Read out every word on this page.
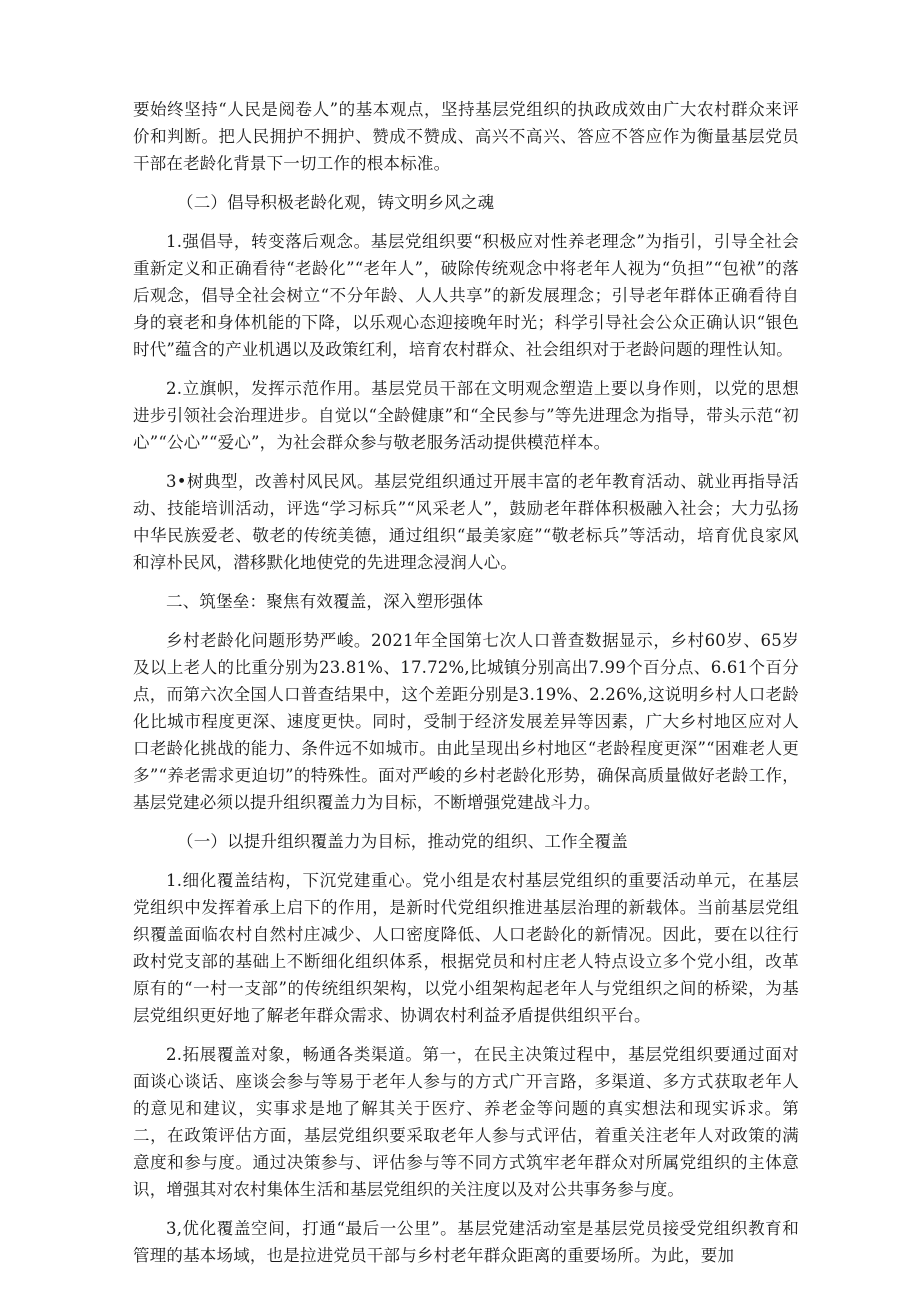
要始终坚持“人民是阅卷人”的基本观点，坚持基层党组织的执政成效由广大农村群众来评价和判断。把人民拥护不拥护、赞成不赞成、高兴不高兴、答应不答应作为衡量基层党员干部在老龄化背景下一切工作的根本标准。

（二）倡导积极老龄化观，铸文明乡风之魂

1.强倡导，转变落后观念。基层党组织要“积极应对性养老理念”为指引，引导全社会重新定义和正确看待“老龄化”“老年人”，破除传统观念中将老年人视为“负担”“包袱”的落后观念，倡导全社会树立“不分年龄、人人共享”的新发展理念；引导老年群体正确看待自身的衰老和身体机能的下降，以乐观心态迎接晚年时光；科学引导社会公众正确认识“银色时代”蕴含的产业机遇以及政策红利，培育农村群众、社会组织对于老龄问题的理性认知。

2.立旗帜，发挥示范作用。基层党员干部在文明观念塑造上要以身作则，以党的思想进步引领社会治理进步。自觉以“全龄健康”和“全民参与”等先进理念为指导，带头示范“初心”“公心”“爱心”，为社会群众参与敬老服务活动提供模范样本。

3•树典型，改善村风民风。基层党组织通过开展丰富的老年教育活动、就业再指导活动、技能培训活动，评选“学习标兵”“风采老人”，鼓励老年群体积极融入社会；大力弘扬中华民族爱老、敬老的传统美德，通过组织“最美家庭”“敬老标兵”等活动，培育优良家风和淳朴民风，潜移默化地使党的先进理念浸润人心。

二、筑堡垒：聚焦有效覆盖，深入塑形强体

乡村老龄化问题形势严峻。2021年全国第七次人口普查数据显示，乡村60岁、65岁及以上老人的比重分别为23.81%、17.72%,比城镇分别高出7.99个百分点、6.61个百分点，而第六次全国人口普查结果中，这个差距分别是3.19%、2.26%,这说明乡村人口老龄化比城市程度更深、速度更快。同时，受制于经济发展差异等因素，广大乡村地区应对人口老龄化挑战的能力、条件远不如城市。由此呈现出乡村地区“老龄程度更深”“困难老人更多”“养老需求更迫切”的特殊性。面对严峻的乡村老龄化形势，确保高质量做好老龄工作，基层党建必须以提升组织覆盖力为目标，不断增强党建战斗力。

（一）以提升组织覆盖力为目标，推动党的组织、工作全覆盖

1.细化覆盖结构，下沉党建重心。党小组是农村基层党组织的重要活动单元，在基层党组织中发挥着承上启下的作用，是新时代党组织推进基层治理的新载体。当前基层党组织覆盖面临农村自然村庄减少、人口密度降低、人口老龄化的新情况。因此，要在以往行政村党支部的基础上不断细化组织体系，根据党员和村庄老人特点设立多个党小组，改革原有的“一村一支部”的传统组织架构，以党小组架构起老年人与党组织之间的桥梁，为基层党组织更好地了解老年群众需求、协调农村利益矛盾提供组织平台。

2.拓展覆盖对象，畅通各类渠道。第一，在民主决策过程中，基层党组织要通过面对面谈心谈话、座谈会参与等易于老年人参与的方式广开言路，多渠道、多方式获取老年人的意见和建议，实事求是地了解其关于医疗、养老金等问题的真实想法和现实诉求。第二，在政策评估方面，基层党组织要采取老年人参与式评估，着重关注老年人对政策的满意度和参与度。通过决策参与、评估参与等不同方式筑牢老年群众对所属党组织的主体意识，增强其对农村集体生活和基层党组织的关注度以及对公共事务参与度。

3,优化覆盖空间，打通“最后一公里”。基层党建活动室是基层党员接受党组织教育和管理的基本场域，也是拉进党员干部与乡村老年群众距离的重要场所。为此，要加
